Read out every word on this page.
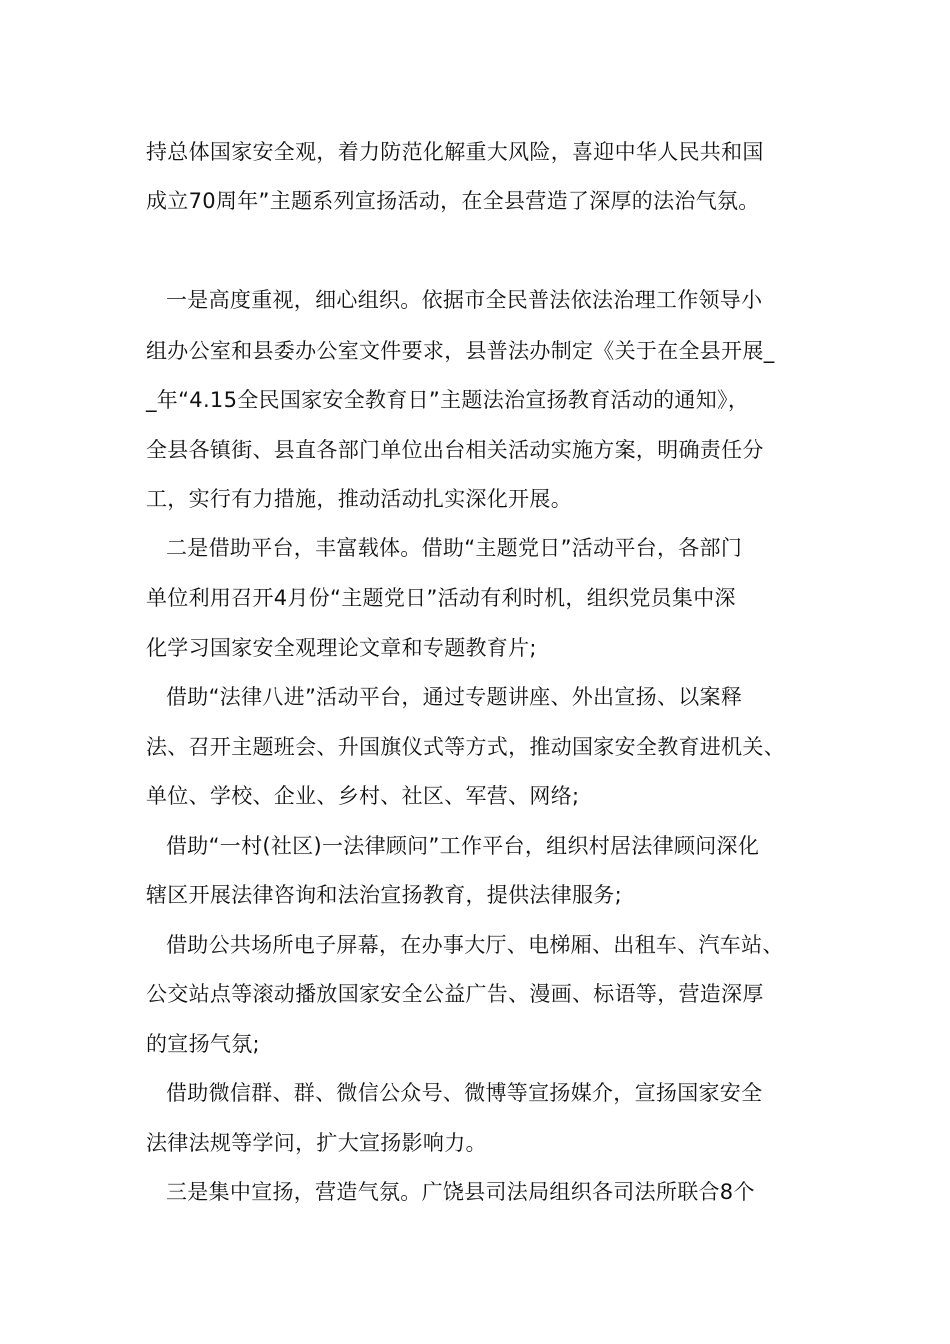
持总体国家安全观，着力防范化解重大风险，喜迎中华人民共和国

成立70周年”主题系列宣扬活动，在全县营造了深厚的法治气氛。

一是高度重视，细心组织。依据市全民普法依法治理工作领导小

组办公室和县委办公室文件要求，县普法办制定《关于在全县开展_

_年“4.15全民国家安全教育日”主题法治宣扬教育活动的通知》，

全县各镇街、县直各部门单位出台相关活动实施方案，明确责任分

工，实行有力措施，推动活动扎实深化开展。

二是借助平台，丰富载体。借助“主题党日”活动平台，各部门

单位利用召开4月份“主题党日”活动有利时机，组织党员集中深

化学习国家安全观理论文章和专题教育片;

借助“法律八进”活动平台，通过专题讲座、外出宣扬、以案释

法、召开主题班会、升国旗仪式等方式，推动国家安全教育进机关、

单位、学校、企业、乡村、社区、军营、网络;

借助“一村(社区)一法律顾问”工作平台，组织村居法律顾问深化

辖区开展法律咨询和法治宣扬教育，提供法律服务;

借助公共场所电子屏幕，在办事大厅、电梯厢、出租车、汽车站、

公交站点等滚动播放国家安全公益广告、漫画、标语等，营造深厚

的宣扬气氛;

借助微信群、群、微信公众号、微博等宣扬媒介，宣扬国家安全

法律法规等学问，扩大宣扬影响力。

三是集中宣扬，营造气氛。广饶县司法局组织各司法所联合8个
